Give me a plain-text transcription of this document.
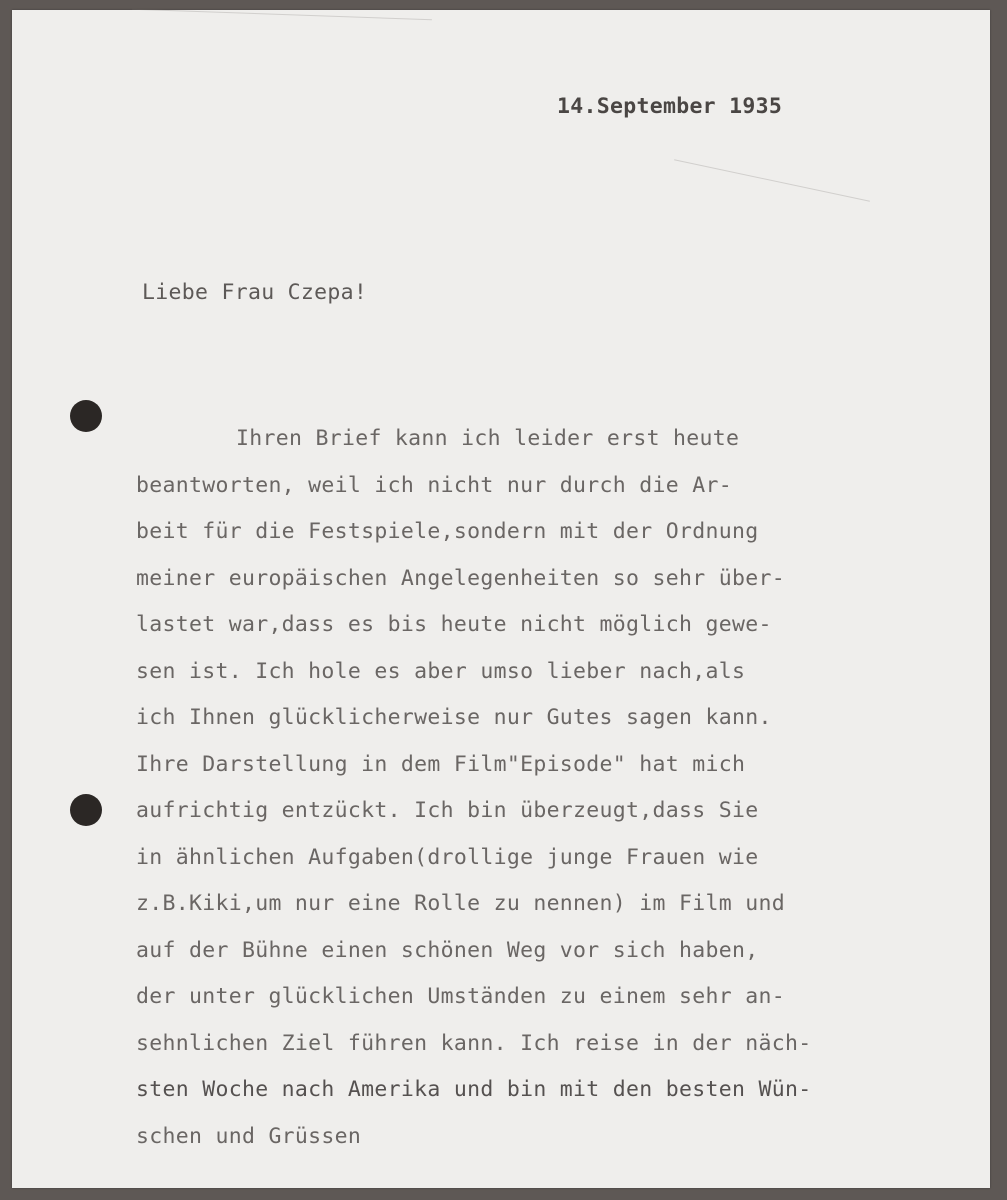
14.September 1935
Liebe Frau Czepa!
Ihren Brief kann ich leider erst heute
beantworten, weil ich nicht nur durch die Ar-
beit für die Festspiele,sondern mit der Ordnung
meiner europäischen Angelegenheiten so sehr über-
lastet war,dass es bis heute nicht möglich gewe-
sen ist. Ich hole es aber umso lieber nach,als
ich Ihnen glücklicherweise nur Gutes sagen kann.
Ihre Darstellung in dem Film"Episode" hat mich
aufrichtig entzückt. Ich bin überzeugt,dass Sie
in ähnlichen Aufgaben(drollige junge Frauen wie
z.B.Kiki,um nur eine Rolle zu nennen) im Film und
auf der Bühne einen schönen Weg vor sich haben,
der unter glücklichen Umständen zu einem sehr an-
sehnlichen Ziel führen kann. Ich reise in der näch-
sten Woche nach Amerika und bin mit den besten Wün-
schen und Grüssen
